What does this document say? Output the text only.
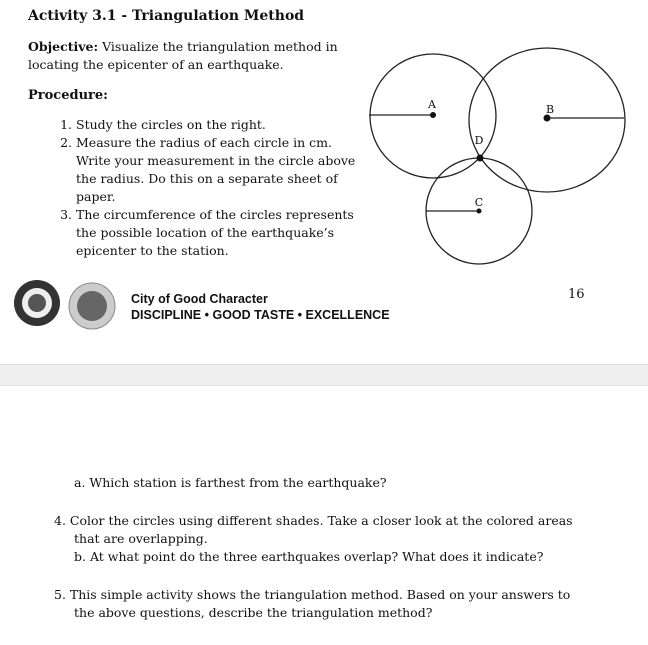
Activity 3.1 - Triangulation Method
Objective: Visualize the triangulation method in locating the epicenter of an earthquake.
Procedure:
1. Study the circles on the right.
2. Measure the radius of each circle in cm. Write your measurement in the circle above the radius. Do this on a separate sheet of paper.
3. The circumference of the circles represents the possible location of the earthquake’s epicenter to the station.
A	B
C
D
City of Good Character
DISCIPLINE • GOOD TASTE • EXCELLENCE
16
a. Which station is farthest from the earthquake?
4. Color the circles using different shades. Take a closer look at the colored areas that are overlapping.
b. At what point do the three earthquakes overlap? What does it indicate?
5. This simple activity shows the triangulation method. Based on your answers to the above questions, describe the triangulation method?
